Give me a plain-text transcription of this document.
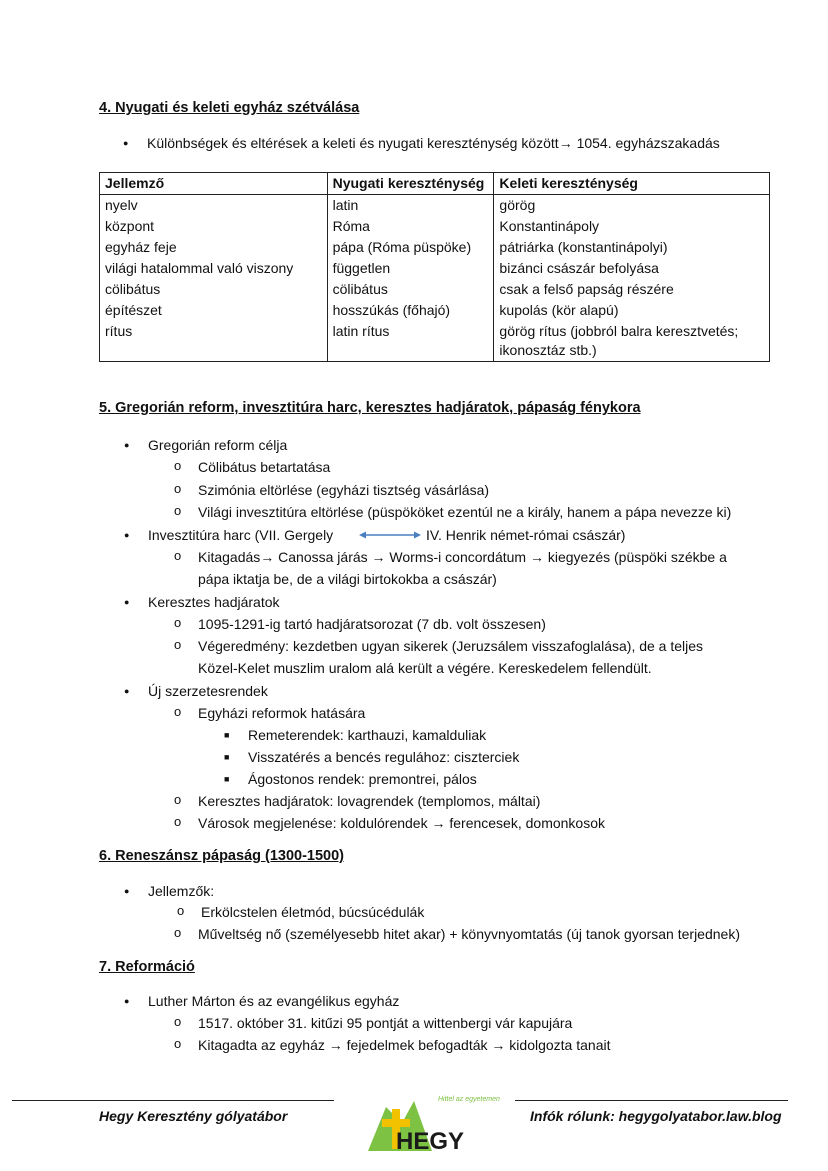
4. Nyugati és keleti egyház szétválása
● Különbségek és eltérések a keleti és nyugati kereszténység között→ 1054. egyházszakadás
Jellemző	Nyugati kereszténység	Keleti kereszténység
nyelv	latin	görög
központ	Róma	Konstantinápoly
egyház feje	pápa (Róma püspöke)	pátriárka (konstantinápolyi)
világi hatalommal való viszony	független	bizánci császár befolyása
cölibátus	cölibátus	csak a felső papság részére
építészet	hosszúkás (főhajó)	kupolás (kör alapú)
rítus	latin rítus	görög rítus (jobbról balra keresztvetés; ikonosztáz stb.)
5. Gregorián reform, invesztitúra harc, keresztes hadjáratok, pápaság fénykora
● Gregorián reform célja
o Cölibátus betartatása
o Szimónia eltörlése (egyházi tisztség vásárlása)
o Világi invesztitúra eltörlése (püspököket ezentúl ne a király, hanem a pápa nevezze ki)
● Invesztitúra harc (VII. Gergely	IV. Henrik német-római császár)
o Kitagadás→ Canossa járás → Worms-i concordátum → kiegyezés (püspöki székbe a
pápa iktatja be, de a világi birtokokba a császár)
● Keresztes hadjáratok
o 1095-1291-ig tartó hadjáratsorozat (7 db. volt összesen)
o Végeredmény: kezdetben ugyan sikerek (Jeruzsálem visszafoglalása), de a teljes
Közel-Kelet muszlim uralom alá került a végére. Kereskedelem fellendült.
● Új szerzetesrendek
o Egyházi reformok hatására
■ Remeterendek: karthauzi, kamalduliak
■ Visszatérés a bencés regulához: ciszterciek
■ Ágostonos rendek: premontrei, pálos
o Keresztes hadjáratok: lovagrendek (templomos, máltai)
o Városok megjelenése: koldulórendek → ferencesek, domonkosok
6. Reneszánsz pápaság (1300-1500)
● Jellemzők:
o Erkölcstelen életmód, búcsúcédulák
o Műveltség nő (személyesebb hitet akar) + könyvnyomtatás (új tanok gyorsan terjednek)
7. Reformáció
● Luther Márton és az evangélikus egyház
o 1517. október 31. kitűzi 95 pontját a wittenbergi vár kapujára
o Kitagadta az egyház → fejedelmek befogadták → kidolgozta tanait
Hegy Keresztény gólyatábor	Infók rólunk: hegygolyatabor.law.blog
HEGY
Hittel az egyetemen
